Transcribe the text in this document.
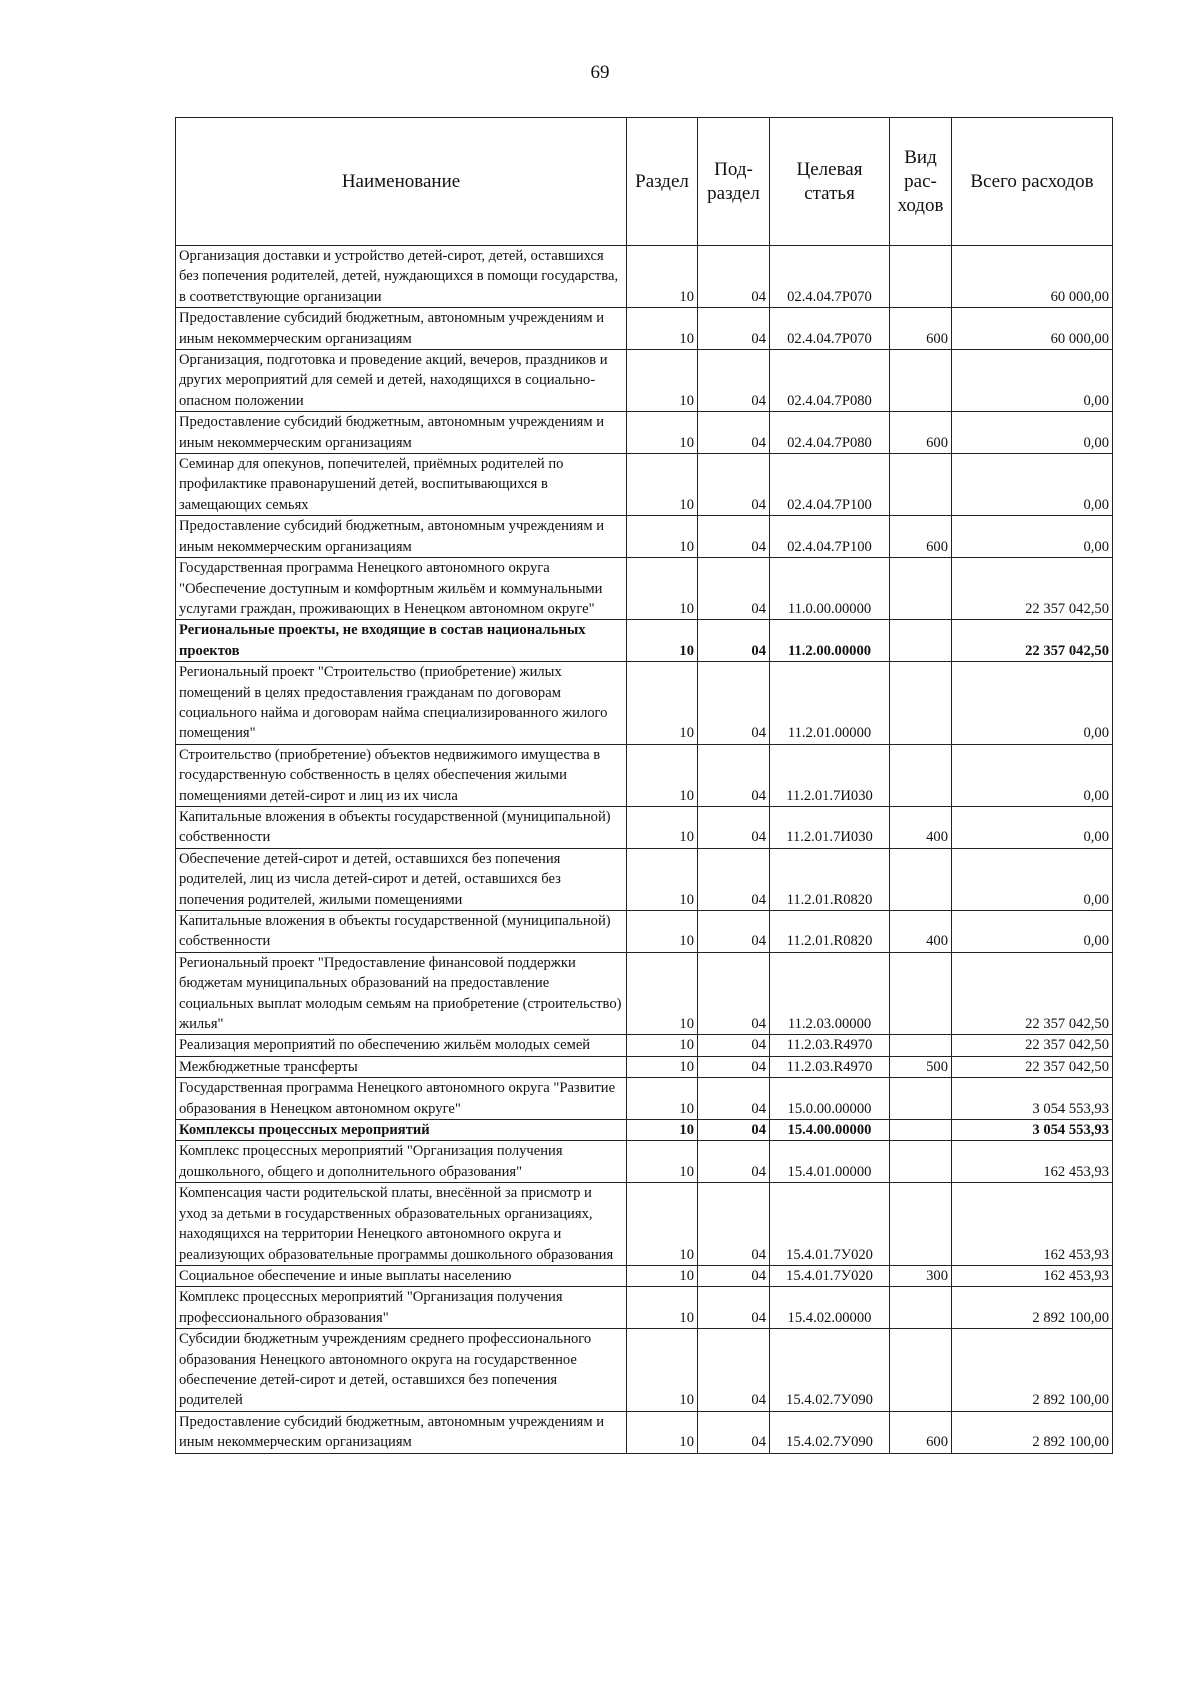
69
Наименование	Раздел	Под-раздел	Целевая статья	Вид рас-ходов	Всего расходов
Организация доставки и устройство детей-сирот, детей, оставшихся без попечения родителей, детей, нуждающихся в помощи государства, в соответствующие организации	10	04	02.4.04.7Р070		60 000,00
Предоставление субсидий бюджетным, автономным учреждениям и иным некоммерческим организациям	10	04	02.4.04.7Р070	600	60 000,00
Организация, подготовка и проведение акций, вечеров, праздников и других мероприятий для семей и детей, находящихся в социально-опасном положении	10	04	02.4.04.7Р080		0,00
Предоставление субсидий бюджетным, автономным учреждениям и иным некоммерческим организациям	10	04	02.4.04.7Р080	600	0,00
Семинар для опекунов, попечителей, приёмных родителей по профилактике правонарушений детей, воспитывающихся в замещающих семьях	10	04	02.4.04.7Р100		0,00
Предоставление субсидий бюджетным, автономным учреждениям и иным некоммерческим организациям	10	04	02.4.04.7Р100	600	0,00
Государственная программа Ненецкого автономного округа "Обеспечение доступным и комфортным жильём и коммунальными услугами граждан, проживающих в Ненецком автономном округе"	10	04	11.0.00.00000		22 357 042,50
Региональные проекты, не входящие в состав национальных проектов	10	04	11.2.00.00000		22 357 042,50
Региональный проект "Строительство (приобретение) жилых помещений в целях предоставления гражданам по договорам социального найма и договорам найма специализированного жилого помещения"	10	04	11.2.01.00000		0,00
Строительство (приобретение) объектов недвижимого имущества в государственную собственность в целях обеспечения жилыми помещениями детей-сирот и лиц из их числа	10	04	11.2.01.7И030		0,00
Капитальные вложения в объекты государственной (муниципальной) собственности	10	04	11.2.01.7И030	400	0,00
Обеспечение детей-сирот и детей, оставшихся без попечения родителей, лиц из числа детей-сирот и детей, оставшихся без попечения родителей, жилыми помещениями	10	04	11.2.01.R0820		0,00
Капитальные вложения в объекты государственной (муниципальной) собственности	10	04	11.2.01.R0820	400	0,00
Региональный проект "Предоставление финансовой поддержки бюджетам муниципальных образований на предоставление социальных выплат молодым семьям на приобретение (строительство) жилья"	10	04	11.2.03.00000		22 357 042,50
Реализация мероприятий по обеспечению жильём молодых семей	10	04	11.2.03.R4970		22 357 042,50
Межбюджетные трансферты	10	04	11.2.03.R4970	500	22 357 042,50
Государственная программа Ненецкого автономного округа "Развитие образования в Ненецком автономном округе"	10	04	15.0.00.00000		3 054 553,93
Комплексы процессных мероприятий	10	04	15.4.00.00000		3 054 553,93
Комплекс процессных мероприятий "Организация получения дошкольного, общего и дополнительного образования"	10	04	15.4.01.00000		162 453,93
Компенсация части родительской платы, внесённой за присмотр и уход за детьми в государственных образовательных организациях, находящихся на территории Ненецкого автономного округа и реализующих образовательные программы дошкольного образования	10	04	15.4.01.7У020		162 453,93
Социальное обеспечение и иные выплаты населению	10	04	15.4.01.7У020	300	162 453,93
Комплекс процессных мероприятий "Организация получения профессионального образования"	10	04	15.4.02.00000		2 892 100,00
Субсидии бюджетным учреждениям среднего профессионального образования Ненецкого автономного округа на государственное обеспечение детей-сирот и детей, оставшихся без попечения родителей	10	04	15.4.02.7У090		2 892 100,00
Предоставление субсидий бюджетным, автономным учреждениям и иным некоммерческим организациям	10	04	15.4.02.7У090	600	2 892 100,00
